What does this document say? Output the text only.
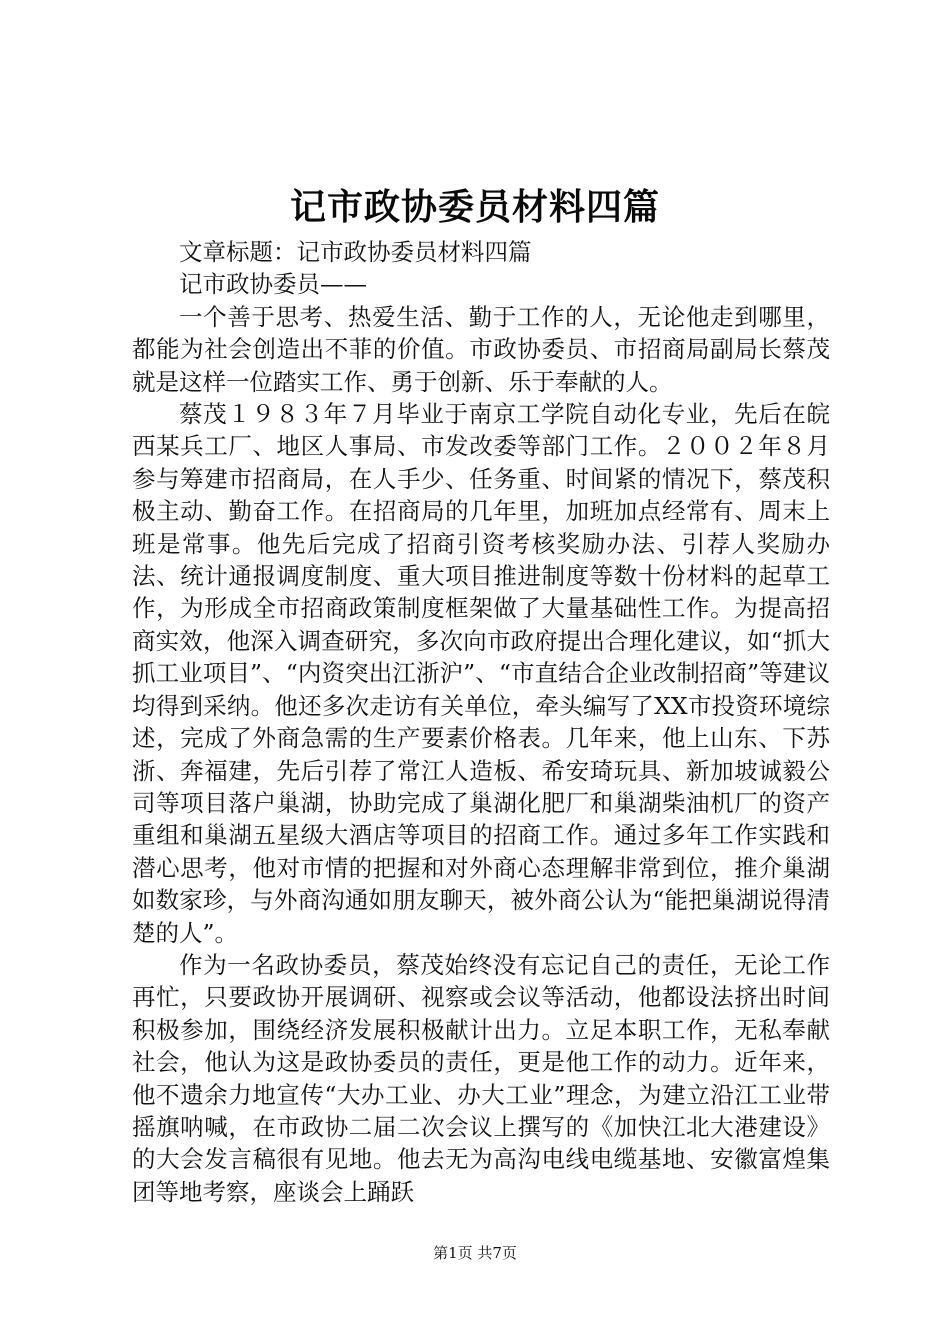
记市政协委员材料四篇

文章标题：记市政协委员材料四篇

记市政协委员——

一个善于思考、热爱生活、勤于工作的人，无论他走到哪里，都能为社会创造出不菲的价值。市政协委员、市招商局副局长蔡茂就是这样一位踏实工作、勇于创新、乐于奉献的人。

蔡茂１９８３年７月毕业于南京工学院自动化专业，先后在皖西某兵工厂、地区人事局、市发改委等部门工作。２００２年８月参与筹建市招商局，在人手少、任务重、时间紧的情况下，蔡茂积极主动、勤奋工作。在招商局的几年里，加班加点经常有、周末上班是常事。他先后完成了招商引资考核奖励办法、引荐人奖励办法、统计通报调度制度、重大项目推进制度等数十份材料的起草工作，为形成全市招商政策制度框架做了大量基础性工作。为提高招商实效，他深入调查研究，多次向市政府提出合理化建议，如“抓大抓工业项目”、“内资突出江浙沪”、“市直结合企业改制招商”等建议均得到采纳。他还多次走访有关单位，牵头编写了XX市投资环境综述，完成了外商急需的生产要素价格表。几年来，他上山东、下苏浙、奔福建，先后引荐了常江人造板、希安琦玩具、新加坡诚毅公司等项目落户巢湖，协助完成了巢湖化肥厂和巢湖柴油机厂的资产重组和巢湖五星级大酒店等项目的招商工作。通过多年工作实践和潜心思考，他对市情的把握和对外商心态理解非常到位，推介巢湖如数家珍，与外商沟通如朋友聊天，被外商公认为“能把巢湖说得清楚的人”。

作为一名政协委员，蔡茂始终没有忘记自己的责任，无论工作再忙，只要政协开展调研、视察或会议等活动，他都设法挤出时间积极参加，围绕经济发展积极献计出力。立足本职工作，无私奉献社会，他认为这是政协委员的责任，更是他工作的动力。近年来，他不遗余力地宣传“大办工业、办大工业”理念，为建立沿江工业带摇旗呐喊，在市政协二届二次会议上撰写的《加快江北大港建设》的大会发言稿很有见地。他去无为高沟电线电缆基地、安徽富煌集团等地考察，座谈会上踊跃

第1页 共7页
